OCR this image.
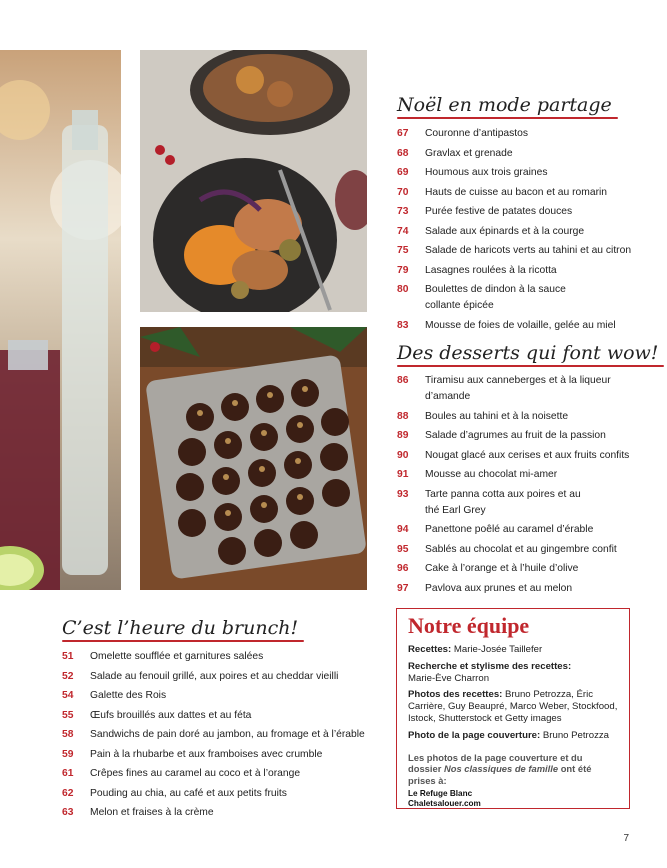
Noël en mode partage
67 Couronne d’antipastos
68 Gravlax et grenade
69 Houmous aux trois graines
70 Hauts de cuisse au bacon et au romarin
73 Purée festive de patates douces
74 Salade aux épinards et à la courge
75 Salade de haricots verts au tahini et au citron
79 Lasagnes roulées à la ricotta
80 Boulettes de dindon à la sauce
collante épicée
83 Mousse de foies de volaille, gelée au miel
Des desserts qui font wow!
86 Tiramisu aux canneberges et à la liqueur
d’amande
88 Boules au tahini et à la noisette
89 Salade d’agrumes au fruit de la passion
90 Nougat glacé aux cerises et aux fruits confits
91 Mousse au chocolat mi-amer
93 Tarte panna cotta aux poires et au
thé Earl Grey
94 Panettone poêlé au caramel d’érable
95 Sablés au chocolat et au gingembre confit
96 Cake à l’orange et à l’huile d’olive
97 Pavlova aux prunes et au melon
C’est l’heure du brunch!
51 Omelette soufflée et garnitures salées
52 Salade au fenouil grillé, aux poires et au cheddar vieilli
54 Galette des Rois
55 Œufs brouillés aux dattes et au féta
58 Sandwichs de pain doré au jambon, au fromage et à l’érable
59 Pain à la rhubarbe et aux framboises avec crumble
61 Crêpes fines au caramel au coco et à l’orange
62 Pouding au chia, au café et aux petits fruits
63 Melon et fraises à la crème
Notre équipe

Recettes: Marie-Josée Taillefer

Recherche et stylisme des recettes:
Marie-Ève Charron

Photos des recettes: Bruno Petrozza, Éric Carrière, Guy Beaupré, Marco Weber, Stockfood, Istock, Shutterstock et Getty images

Photo de la page couverture: Bruno Petrozza

Les photos de la page couverture et du dossier Nos classiques de famille ont été prises à:

Le Refuge Blanc
Chaletsalouer.com

7
